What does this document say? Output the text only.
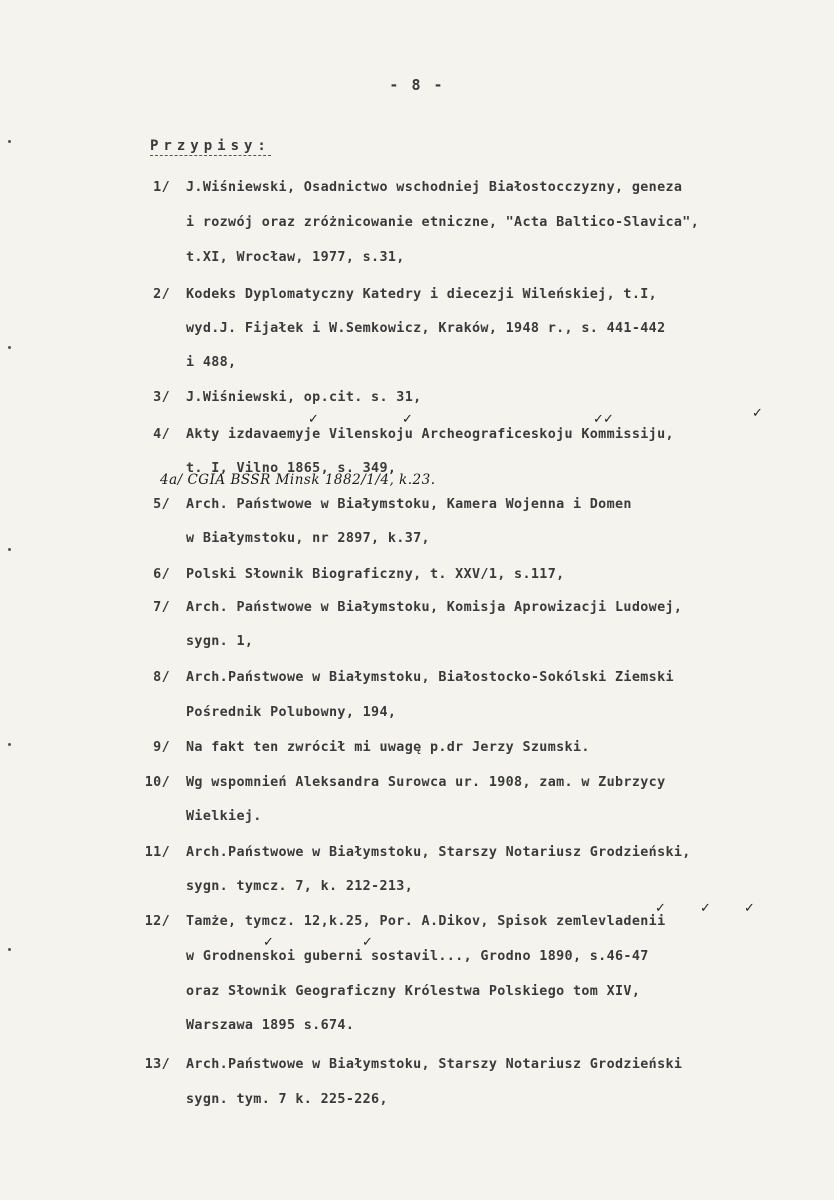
- 8 -
Przypisy:
1/ J.Wiśniewski, Osadnictwo wschodniej Białostocczyzny, geneza
i rozwój oraz zróżnicowanie etniczne, "Acta Baltico-Slavica",
t.XI, Wrocław, 1977, s.31,
2/ Kodeks Dyplomatyczny Katedry i diecezji Wileńskiej, t.I,
wyd.J. Fijałek i W.Semkowicz, Kraków, 1948 r., s. 441-442
i 488,
3/ J.Wiśniewski, op.cit. s. 31,
✓	✓	✓ ✓	✓
4/ Akty izdavaemyje Vilenskoju Archeograficeskoju Kommissiju,
t. I, Vilno 1865, s. 349,
4a/ CGIA BSSR Minsk 1882/1/4, k.23.
5/ Arch. Państwowe w Białymstoku, Kamera Wojenna i Domen
w Białymstoku, nr 2897, k.37,
6/ Polski Słownik Biograficzny, t. XXV/1, s.117,
7/ Arch. Państwowe w Białymstoku, Komisja Aprowizacji Ludowej,
sygn. 1,
8/ Arch.Państwowe w Białymstoku, Białostocko-Sokólski Ziemski
Pośrednik Polubowny, 194,
9/ Na fakt ten zwrócił mi uwagę p.dr Jerzy Szumski.
10/ Wg wspomnień Aleksandra Surowca ur. 1908, zam. w Zubrzycy
Wielkiej.
11/ Arch.Państwowe w Białymstoku, Starszy Notariusz Grodzieński,
sygn. tymcz. 7, k. 212-213,
12/ Tamże, tymcz. 12,k.25, Por. A.Dikov, Spisok zemlevladenii
✓	✓	✓
✓	✓
w Grodnenskoi guberni sostavil..., Grodno 1890, s.46-47
oraz Słownik Geograficzny Królestwa Polskiego tom XIV,
Warszawa 1895 s.674.
13/ Arch.Państwowe w Białymstoku, Starszy Notariusz Grodzieński
sygn. tym. 7 k. 225-226,
